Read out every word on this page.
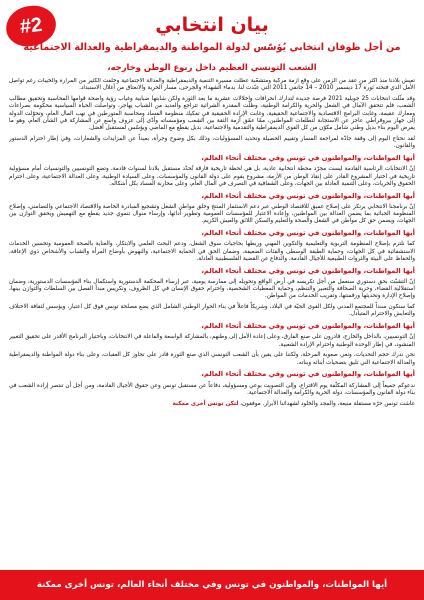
#2	بيان انتخابي
من أجل طوفان انتخابي يُؤسّس لدولة المواطنة والديمقراطية والعدالة الاجتماعية
الشعب التونسي العظيم داخل ربوع الوطن وخارجه،
تعيش بلادنا منذ أكثر من عقد من الزمن على وقع أزمة مركّبة ومتشعّبة عطّلت مسيرة التنمية والديمقراطية والعدالة الاجتماعية وخلّفت الكثير من المرارة والخيبات رغم تواصل الأمل الذي فتحته ثورة 17 ديسمبر 2010 – 14 جانفي 2011 التي عبّدت لنا، بدماء الشهداء والجرحى، مسار الحرية والانعتاق من أغلال الاستبداد.
وقد مثّلت انتخابات 25 جويلية 2021 فرصة جديدة لتدارك انحرافات واخلالات عشرية ما بعد الثورة ولكن شابتها ضبابية وغياب رؤية واضحة قوامها المحاسبة وتحقيق مطالب الشعب، فلم تتحقق الآمال في الشغل والحرية والكرامة الوطنية، وظلّت المقدرة الشرائية تتراجع والعديد من الشباب يهاجر، وتواصلت الحياة السياسية محكومة بصراعات ومعارك عقيمة، وغابت البرامج الاقتصادية والاجتماعية الحقيقية، وغابت الإرادة الحقيقية في تفكيك منظومة الفساد ومحاسبة المتورطين في نهب المال العام، وتحوّلت الدولة إلى جهاز بيروقراطي عاجز عن الاستجابة لتطلعات المواطنين، ممّا عمّق أزمة الثقة بين الشعب ومؤسساته وأدّى إلى عزوف واسع عن المشاركة في الشأن العام، وهو ما يفرض اليوم بناء بديل وطني شامل مكوّن من كل القوى الديمقراطية والتقدمية والاجتماعية، بديل يقطع مع الماضي ويؤسّس لمستقبل أفضل.
لقد نحتاج اليوم إلى وقفة جادّة لمراجعة المسار وتقييم الحصيلة وتحديد المسؤوليات، وذلك بكل وضوح وجرأة، بعيداً عن المزايدات والشعارات، وفي إطار احترام الدستور والقانون.
أيها المواطنات، والمواطنون في تونس وفي مختلف أنحاء العالم،
إنّ الانتخابات الرئاسية القادمة ليست مجرّد محطة انتخابية عادية، بل هي لحظة تاريخية فارقة تُحدّد مستقبل بلادنا لسنوات قادمة، وتضع التونسيين والتونسيات أمام مسؤولية تاريخية في اختيار المشروع القادر على إنقاذ الوطن من الأزمة، مشروع يقوم على دولة القانون والمؤسسات، وعلى السيادة الوطنية، وعلى العدالة الاجتماعية، وعلى احترام الحقوق والحريات، وعلى التنمية العادلة بين الجهات، وعلى الشفافية في التصرف في المال العام، وعلى محاربة الفساد بكل أشكاله.
أيها المواطنات، والمواطنون في تونس وفي مختلف أنحاء العالم،
إنّ برنامجنا الانتخابي يرتكز على إصلاح عميق للاقتصاد الوطني عبر دعم الاستثمار المنتج وخلق مواطن الشغل وتشجيع المبادرة الخاصة والاقتصاد الاجتماعي والتضامني، وإصلاح المنظومة الجبائية بما يضمن العدالة بين المواطنين، وإعادة الاعتبار للمؤسسات العمومية وتطوير أدائها، وإرساء منوال تنموي جديد يقطع مع التهميش ويحقق التوازن بين الجهات، ويضمن حق كل مواطن في الشغل والصحة والتعليم والسكن اللائق والعيش الكريم.
أيها المواطنات، والمواطنون في تونس وفي مختلف أنحاء العالم،
كما نلتزم بإصلاح المنظومة التربوية والتعليمية والتكوين المهني وربطها بحاجيات سوق الشغل، ودعم البحث العلمي والابتكار، والعناية بالصحة العمومية وتحسين الخدمات الاستشفائية في كل الجهات، وحماية الطبقة الوسطى والفئات الضعيفة، وضمان الحق في الحماية الاجتماعية، والنهوض بأوضاع المرأة والشباب والأشخاص ذوي الإعاقة، والحفاظ على البيئة والثروات الطبيعية للأجيال القادمة، والدفاع عن القضية الفلسطينية العادلة.
أيها المواطنات، والمواطنون في تونس وفي مختلف أنحاء العالم،
إنّ التشبّث بحق دستوري سنعمل من أجل تكريسه في أرض الواقع وتحويله إلى ممارسة يومية، عبر إرساء المحكمة الدستورية واستكمال بناء المؤسسات الدستورية، وضمان استقلالية القضاء، وحرية الصحافة والتعبير والتنظم، وحماية المعطيات الشخصية، واحترام حقوق الإنسان في كل الظروف، وتكريس مبدأ الفصل بين السلطات والتوازن بينها، وإصلاح الإدارة وتحديثها ورقمنتها، وتقريب الخدمات من المواطن.
كما سنكون سنداً للمجتمع المدني ولكل القوى الحيّة في البلاد، وشريكاً فاعلاً في بناء الحوار الوطني الشامل الذي يضع مصلحة تونس فوق كل اعتبار، ويؤسس لثقافة الاختلاف والتعايش والاحترام المتبادل.
أيها المواطنات، والمواطنون في تونس وفي مختلف أنحاء العالم،
إنّ التونسيين، بالداخل والخارج، قادرون على صنع الفارق، وعلى إعادة الأمل إلى وطنهم، بالمشاركة الواسعة والفاعلة في الانتخابات، وباختيار البرنامج الأقدر على تحقيق التغيير المنشود، في إطار الوحدة الوطنية واحترام الإرادة الشعبية.
نحن ندرك حجم التحديات، ونعي صعوبة المرحلة، ولكننا على يقين بأن الشعب التونسي الذي صنع الثورة قادر على تجاوز كل العقبات، وعلى بناء دولة المواطنة والديمقراطية والعدالة الاجتماعية التي تليق بتضحيات أبنائه وبناته.
أيها المواطنات، والمواطنون في تونس وفي مختلف أنحاء العالم،
ندعوكم جميعاً إلى المشاركة المكثّفة يوم الاقتراع، وإلى التصويت بوعي ومسؤولية، دفاعاً عن مستقبل تونس وعن حقوق الأجيال القادمة، ومن أجل أن تنتصر إرادة الشعب في بناء دولة القانون والمؤسسات، دولة الحرية والكرامة والعدالة الاجتماعية.
عاشت تونس حرّة مستقلة منيعة، والمجد والخلود لشهدائنا الأبرار. موفقون، لتكن تونس أخرى ممكنة
أيها المواطنات، والمواطنون في تونس وفي مختلف أنحاء العالم، تونس أخرى ممكنة
